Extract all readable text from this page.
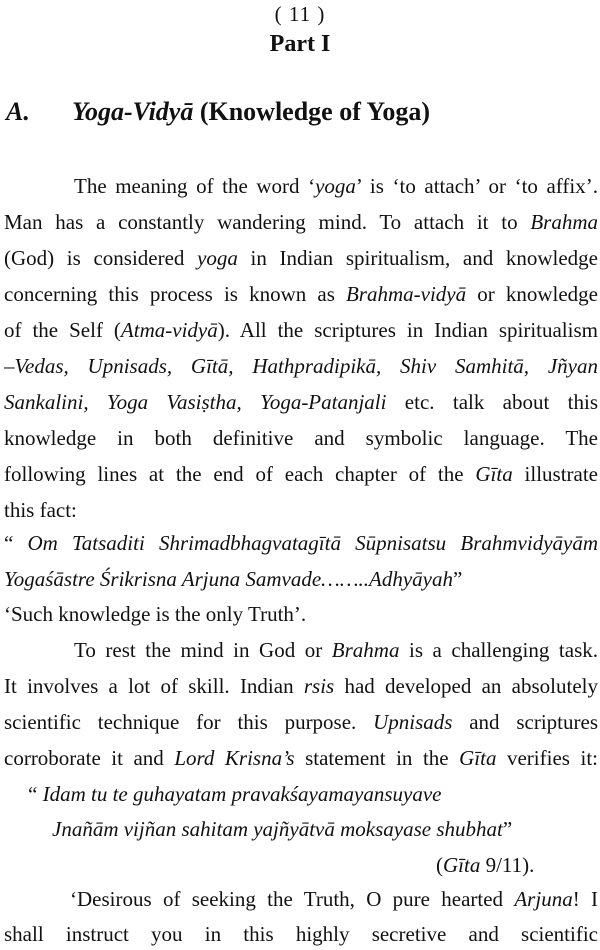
( 11 )
Part I
A. Yoga-Vidyā (Knowledge of Yoga)
The meaning of the word ‘yoga’ is ‘to attach’ or ‘to affix’.
Man has a constantly wandering mind. To attach it to Brahma
(God) is considered yoga in Indian spiritualism, and knowledge
concerning this process is known as Brahma-vidyā or knowledge
of the Self (Atma-vidyā). All the scriptures in Indian spiritualism
–Vedas, Upnisads, Gītā, Hathpradipikā, Shiv Samhitā, Jñyan
Sankalini, Yoga Vasiṣtha, Yoga-Patanjali etc. talk about this
knowledge in both definitive and symbolic language. The
following lines at the end of each chapter of the Gīta illustrate
this fact:
“ Om Tatsaditi Shrimadbhagvatagītā Sūpnisatsu Brahmvidyāyām
Yogaśāstre Śrikrisna Arjuna Samvade……..Adhyāyah”
‘Such knowledge is the only Truth’.
To rest the mind in God or Brahma is a challenging task.
It involves a lot of skill. Indian rsis had developed an absolutely
scientific technique for this purpose. Upnisads and scriptures
corroborate it and Lord Krisna’s statement in the Gīta verifies it:
“ Idam tu te guhayatam pravakśayamayansuyave
Jnañām vijñan sahitam yajñyātvā moksayase shubhat”
(Gīta 9/11).
‘Desirous of seeking the Truth, O pure hearted Arjuna! I
shall instruct you in this highly secretive and scientific
